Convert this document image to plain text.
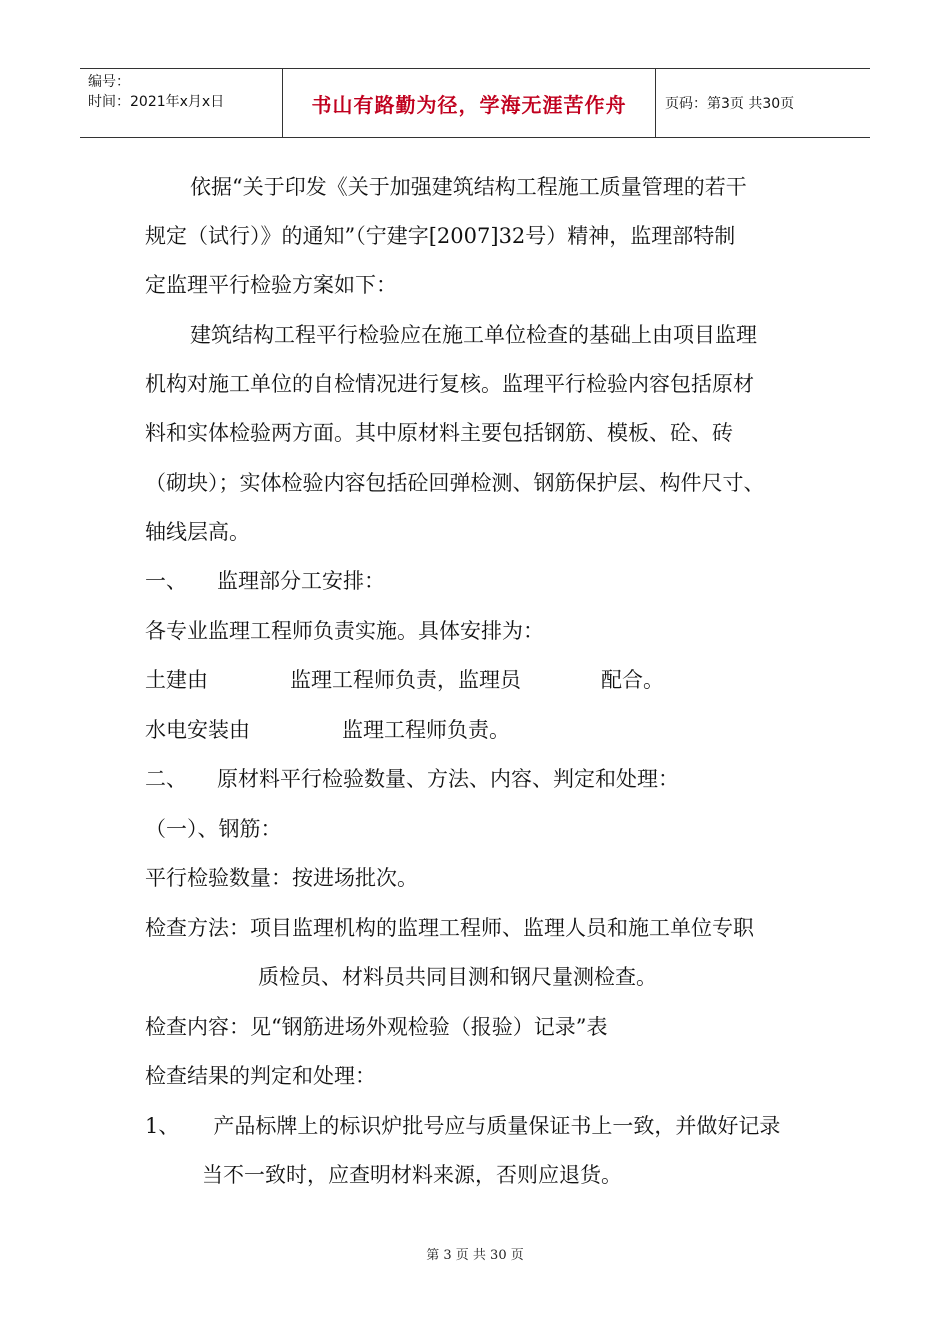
编号：
时间：2021年x月x日	书山有路勤为径，学海无涯苦作舟	页码：第3页 共30页
依据“关于印发《关于加强建筑结构工程施工质量管理的若干
规定（试行）》的通知”（宁建字[2007]32号）精神，监理部特制
定监理平行检验方案如下：
建筑结构工程平行检验应在施工单位检查的基础上由项目监理
机构对施工单位的自检情况进行复核。监理平行检验内容包括原材
料和实体检验两方面。其中原材料主要包括钢筋、模板、砼、砖
（砌块）；实体检验内容包括砼回弹检测、钢筋保护层、构件尺寸、
轴线层高。
一、 监理部分工安排：
各专业监理工程师负责实施。具体安排为：
土建由	监理工程师负责，监理员	配合。
水电安装由	监理工程师负责。
二、 原材料平行检验数量、方法、内容、判定和处理：
（一）、钢筋：
平行检验数量：按进场批次。
检查方法：项目监理机构的监理工程师、监理人员和施工单位专职
质检员、材料员共同目测和钢尺量测检查。
检查内容：见“钢筋进场外观检验（报验）记录”表
检查结果的判定和处理：
1、 产品标牌上的标识炉批号应与质量保证书上一致，并做好记录
当不一致时，应查明材料来源，否则应退货。
第 3 页 共 30 页
